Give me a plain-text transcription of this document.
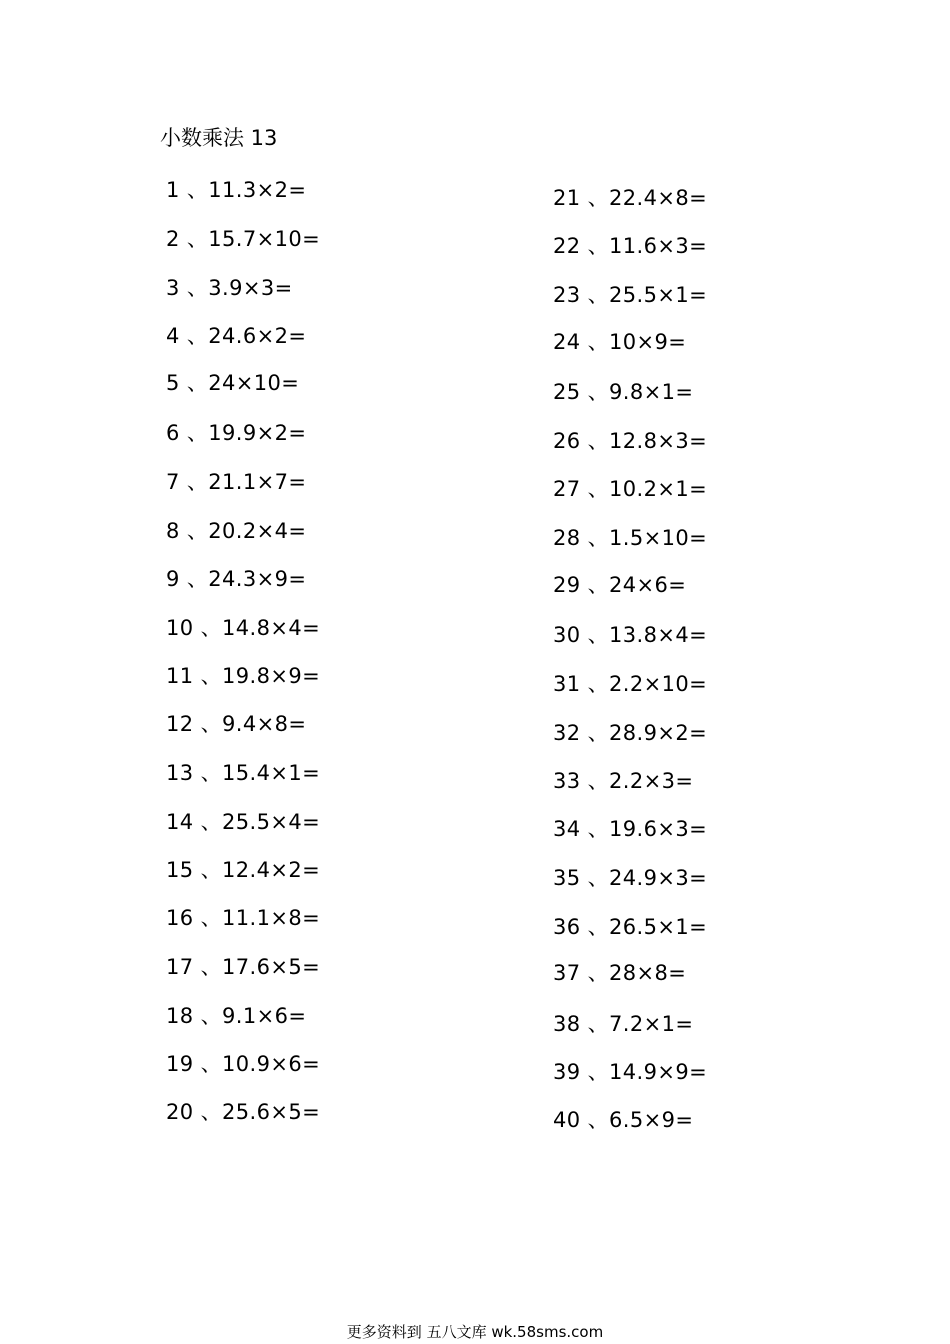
小数乘法 13
1 、11.3×2=
2 、15.7×10=
3 、3.9×3=
4 、24.6×2=
5 、24×10=
6 、19.9×2=
7 、21.1×7=
8 、20.2×4=
9 、24.3×9=
10 、14.8×4=
11 、19.8×9=
12 、9.4×8=
13 、15.4×1=
14 、25.5×4=
15 、12.4×2=
16 、11.1×8=
17 、17.6×5=
18 、9.1×6=
19 、10.9×6=
20 、25.6×5=
21 、22.4×8=
22 、11.6×3=
23 、25.5×1=
24 、10×9=
25 、9.8×1=
26 、12.8×3=
27 、10.2×1=
28 、1.5×10=
29 、24×6=
30 、13.8×4=
31 、2.2×10=
32 、28.9×2=
33 、2.2×3=
34 、19.6×3=
35 、24.9×3=
36 、26.5×1=
37 、28×8=
38 、7.2×1=
39 、14.9×9=
40 、6.5×9=
更多资料到 五八文库 wk.58sms.com
